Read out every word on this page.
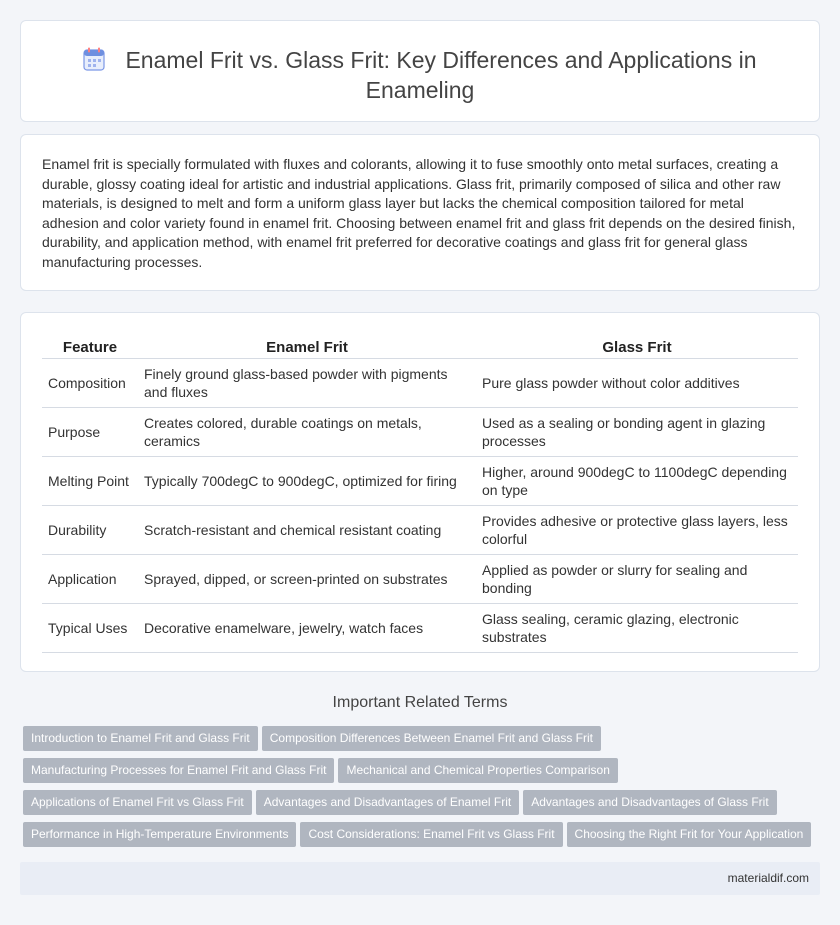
Enamel Frit vs. Glass Frit: Key Differences and Applications in Enameling

Enamel frit is specially formulated with fluxes and colorants, allowing it to fuse smoothly onto metal surfaces, creating a durable, glossy coating ideal for artistic and industrial applications. Glass frit, primarily composed of silica and other raw materials, is designed to melt and form a uniform glass layer but lacks the chemical composition tailored for metal adhesion and color variety found in enamel frit. Choosing between enamel frit and glass frit depends on the desired finish, durability, and application method, with enamel frit preferred for decorative coatings and glass frit for general glass manufacturing processes.

Feature	Enamel Frit	Glass Frit
Composition	Finely ground glass-based powder with pigments and fluxes	Pure glass powder without color additives
Purpose	Creates colored, durable coatings on metals, ceramics	Used as a sealing or bonding agent in glazing processes
Melting Point	Typically 700degC to 900degC, optimized for firing	Higher, around 900degC to 1100degC depending on type
Durability	Scratch-resistant and chemical resistant coating	Provides adhesive or protective glass layers, less colorful
Application	Sprayed, dipped, or screen-printed on substrates	Applied as powder or slurry for sealing and bonding
Typical Uses	Decorative enamelware, jewelry, watch faces	Glass sealing, ceramic glazing, electronic substrates
Important Related Terms
Introduction to Enamel Frit and Glass Frit Composition Differences Between Enamel Frit and Glass Frit
Manufacturing Processes for Enamel Frit and Glass Frit Mechanical and Chemical Properties Comparison
Applications of Enamel Frit vs Glass Frit Advantages and Disadvantages of Enamel Frit Advantages and Disadvantages of Glass Frit
Performance in High-Temperature Environments Cost Considerations: Enamel Frit vs Glass Frit Choosing the Right Frit for Your Application
materialdif.com
